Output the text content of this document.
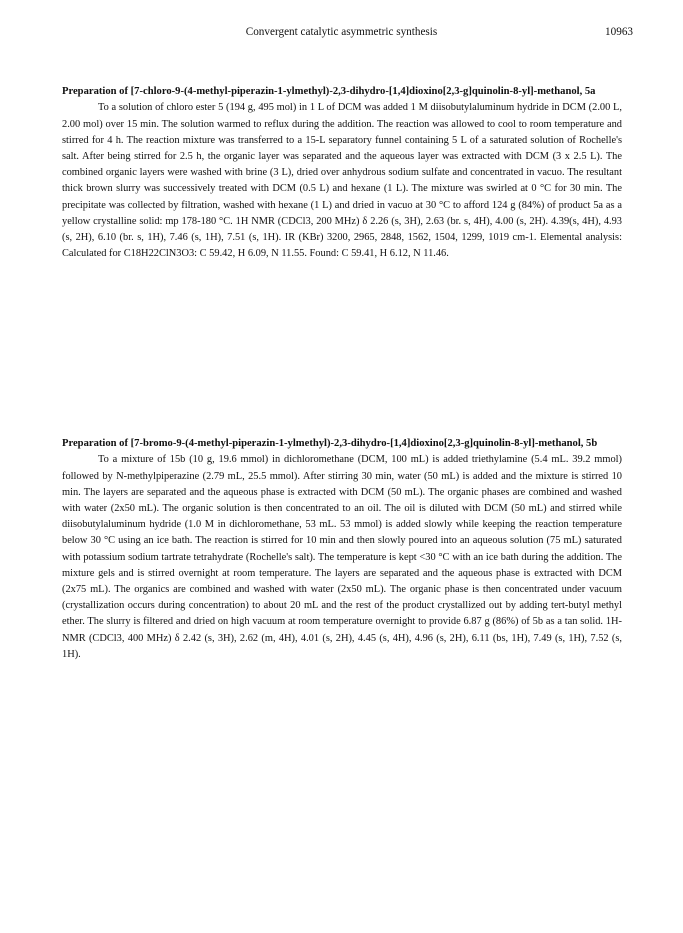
Convergent catalytic asymmetric synthesis	10963
Preparation of [7-chloro-9-(4-methyl-piperazin-1-ylmethyl)-2,3-dihydro-[1,4]dioxino[2,3-g]quinolin-8-yl]-methanol, 5a

To a solution of chloro ester 5 (194 g, 495 mol) in 1 L of DCM was added 1 M diisobutylaluminum hydride in DCM (2.00 L, 2.00 mol) over 15 min. The solution warmed to reflux during the addition. The reaction was allowed to cool to room temperature and stirred for 4 h. The reaction mixture was transferred to a 15-L separatory funnel containing 5 L of a saturated solution of Rochelle's salt. After being stirred for 2.5 h, the organic layer was separated and the aqueous layer was extracted with DCM (3 x 2.5 L). The combined organic layers were washed with brine (3 L), dried over anhydrous sodium sulfate and concentrated in vacuo. The resultant thick brown slurry was successively treated with DCM (0.5 L) and hexane (1 L). The mixture was swirled at 0 °C for 30 min. The precipitate was collected by filtration, washed with hexane (1 L) and dried in vacuo at 30 °C to afford 124 g (84%) of product 5a as a yellow crystalline solid: mp 178-180 °C. 1H NMR (CDCl3, 200 MHz) δ 2.26 (s, 3H), 2.63 (br. s, 4H), 4.00 (s, 2H). 4.39(s, 4H), 4.93 (s, 2H), 6.10 (br. s, 1H), 7.46 (s, 1H), 7.51 (s, 1H). IR (KBr) 3200, 2965, 2848, 1562, 1504, 1299, 1019 cm-1. Elemental analysis: Calculated for C18H22ClN3O3: C 59.42, H 6.09, N 11.55. Found: C 59.41, H 6.12, N 11.46.

Preparation of [7-bromo-9-(4-methyl-piperazin-1-ylmethyl)-2,3-dihydro-[1,4]dioxino[2,3-g]quinolin-8-yl]-methanol, 5b

To a mixture of 15b (10 g, 19.6 mmol) in dichloromethane (DCM, 100 mL) is added triethylamine (5.4 mL. 39.2 mmol) followed by N-methylpiperazine (2.79 mL, 25.5 mmol). After stirring 30 min, water (50 mL) is added and the mixture is stirred 10 min. The layers are separated and the aqueous phase is extracted with DCM (50 mL). The organic phases are combined and washed with water (2x50 mL). The organic solution is then concentrated to an oil. The oil is diluted with DCM (50 mL) and stirred while diisobutylaluminum hydride (1.0 M in dichloromethane, 53 mL. 53 mmol) is added slowly while keeping the reaction temperature below 30 °C using an ice bath. The reaction is stirred for 10 min and then slowly poured into an aqueous solution (75 mL) saturated with potassium sodium tartrate tetrahydrate (Rochelle's salt). The temperature is kept <30 °C with an ice bath during the addition. The mixture gels and is stirred overnight at room temperature. The layers are separated and the aqueous phase is extracted with DCM (2x75 mL). The organics are combined and washed with water (2x50 mL). The organic phase is then concentrated under vacuum (crystallization occurs during concentration) to about 20 mL and the rest of the product crystallized out by adding tert-butyl methyl ether. The slurry is filtered and dried on high vacuum at room temperature overnight to provide 6.87 g (86%) of 5b as a tan solid. 1H-NMR (CDCl3, 400 MHz) δ 2.42 (s, 3H), 2.62 (m, 4H), 4.01 (s, 2H), 4.45 (s, 4H), 4.96 (s, 2H), 6.11 (bs, 1H), 7.49 (s, 1H), 7.52 (s, 1H).
